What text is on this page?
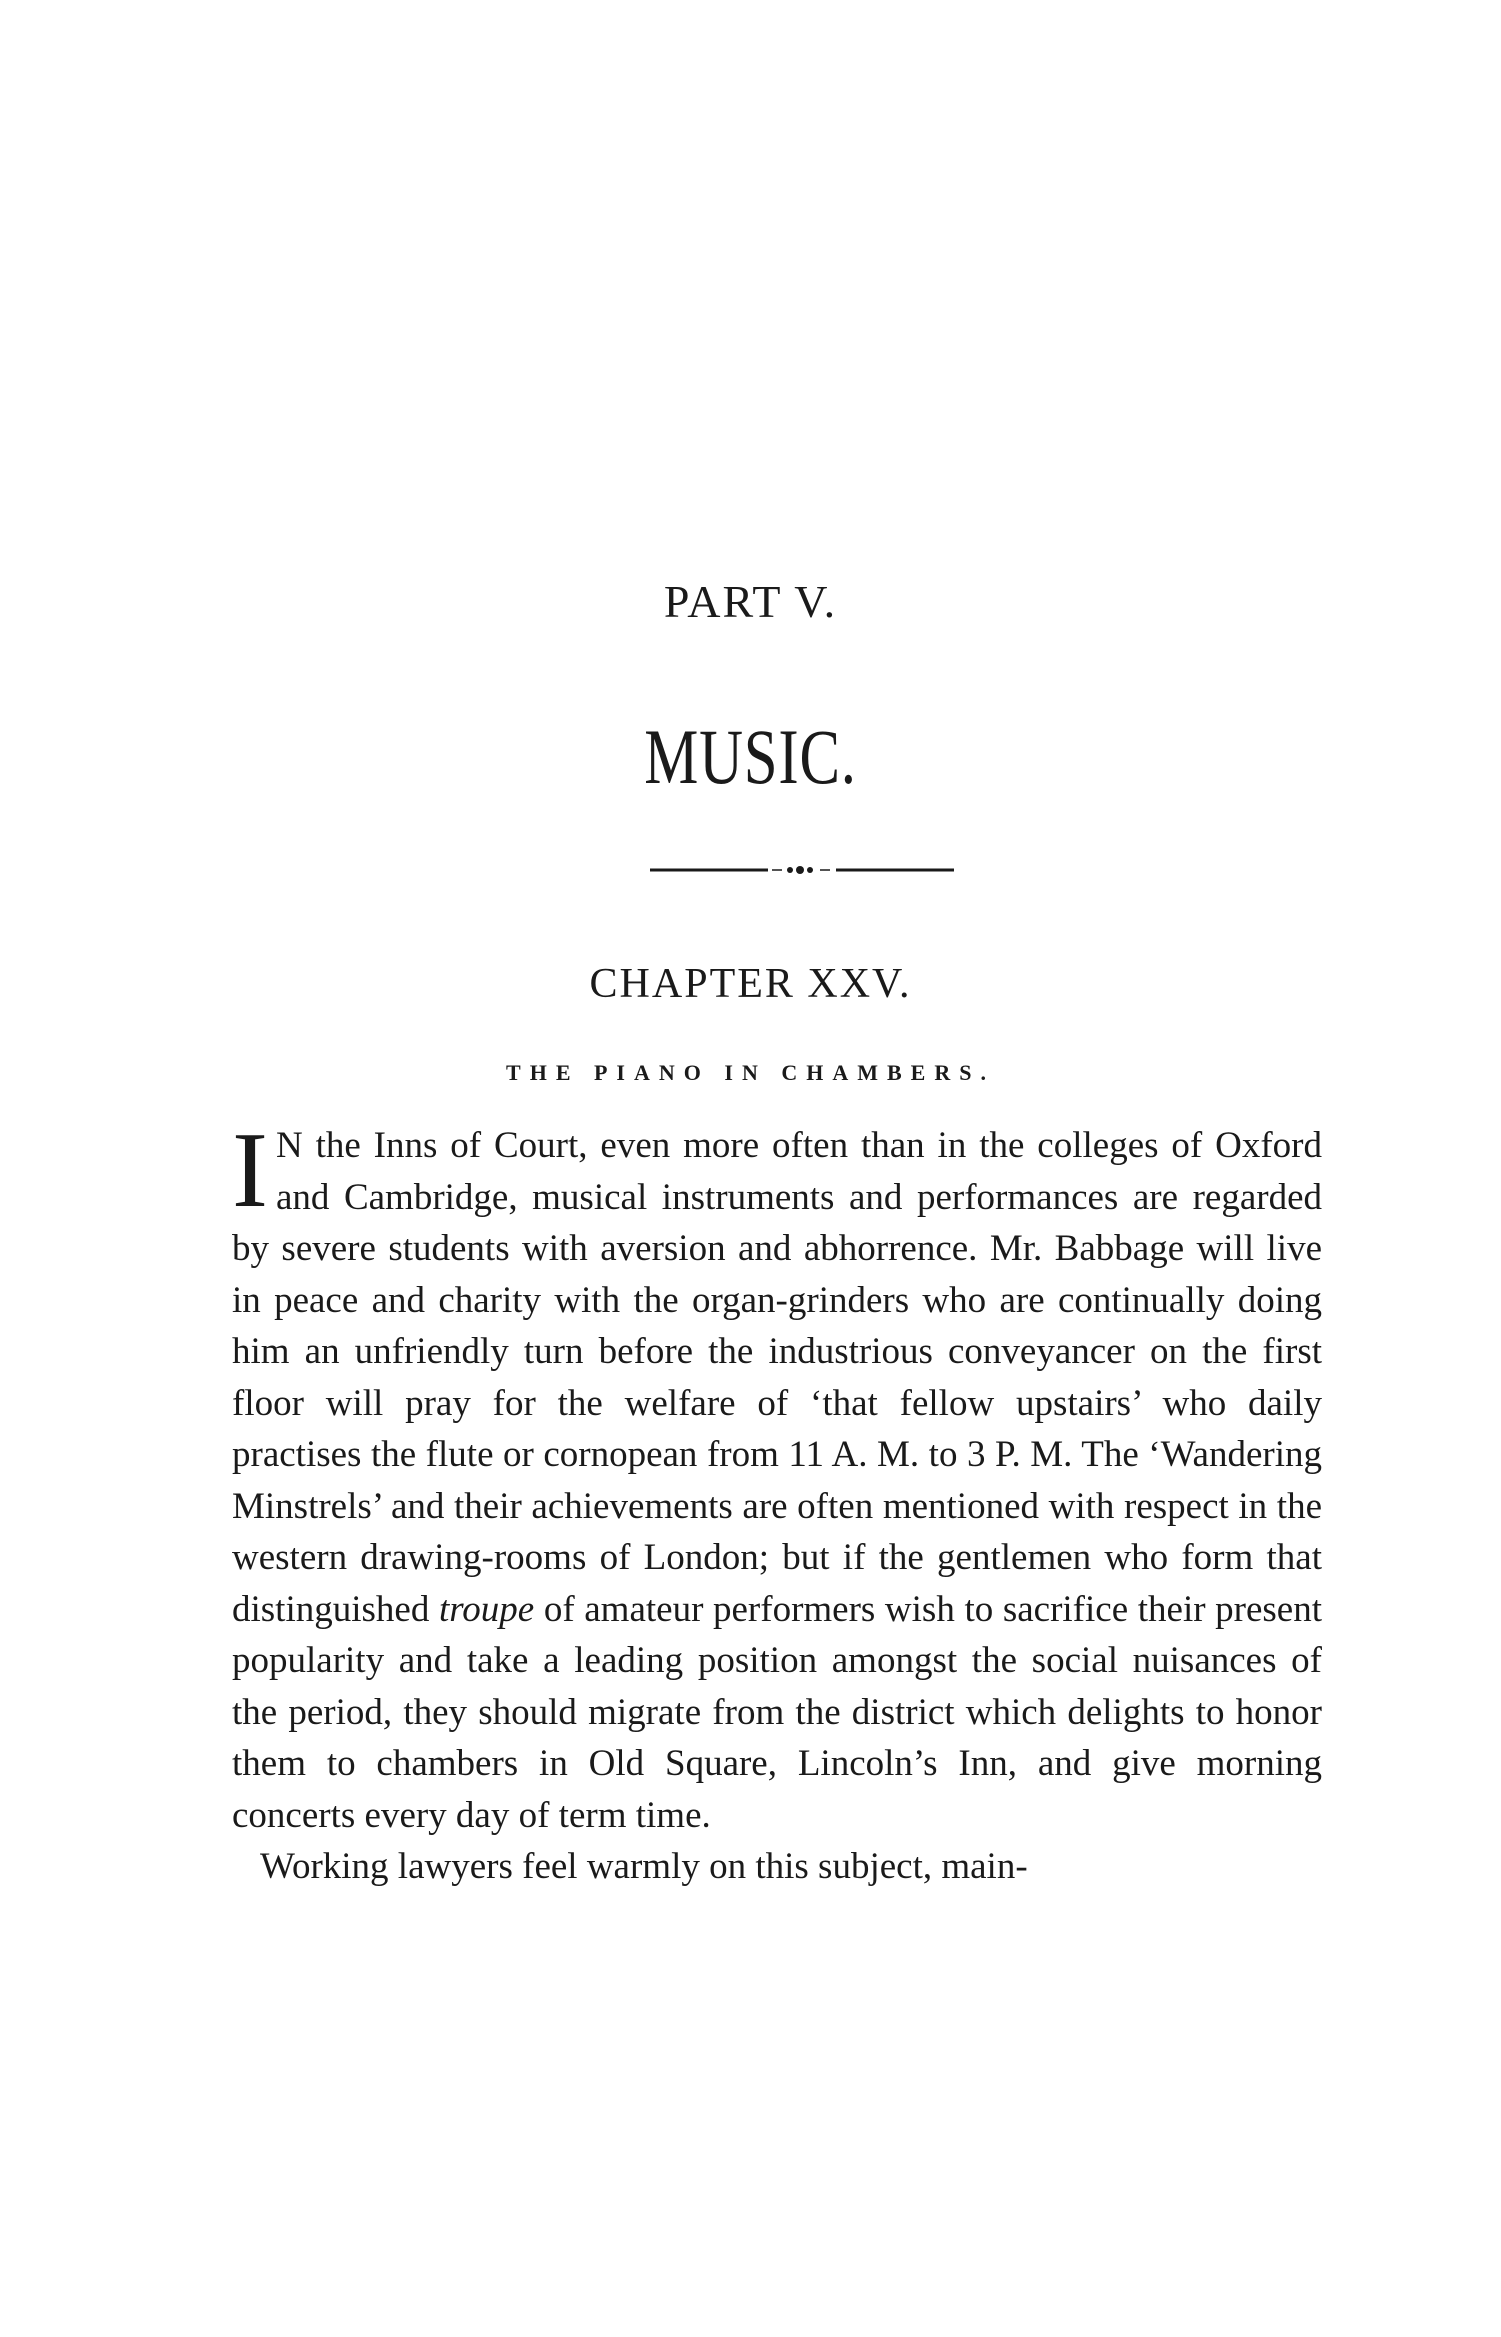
PART V.
MUSIC.
CHAPTER XXV.
THE PIANO IN CHAMBERS.

I N the Inns of Court, even more often than in the colleges of Oxford and Cambridge, musical instruments and performances are regarded by severe students with aversion and abhorrence. Mr. Babbage will live in peace and charity with the organ-grinders who are continually doing him an unfriendly turn before the industrious conveyancer on the first floor will pray for the welfare of ‘that fellow upstairs’ who daily practises the flute or cornopean from 11 A. M. to 3 P. M. The ‘Wandering Minstrels’ and their achievements are often mentioned with respect in the western drawing-rooms of London; but if the gentlemen who form that distinguished troupe of amateur performers wish to sacrifice their present popularity and take a leading position amongst the social nuisances of the period, they should migrate from the district which delights to honor them to chambers in Old Square, Lincoln’s Inn, and give morning concerts every day of term time.

Working lawyers feel warmly on this subject, main-
